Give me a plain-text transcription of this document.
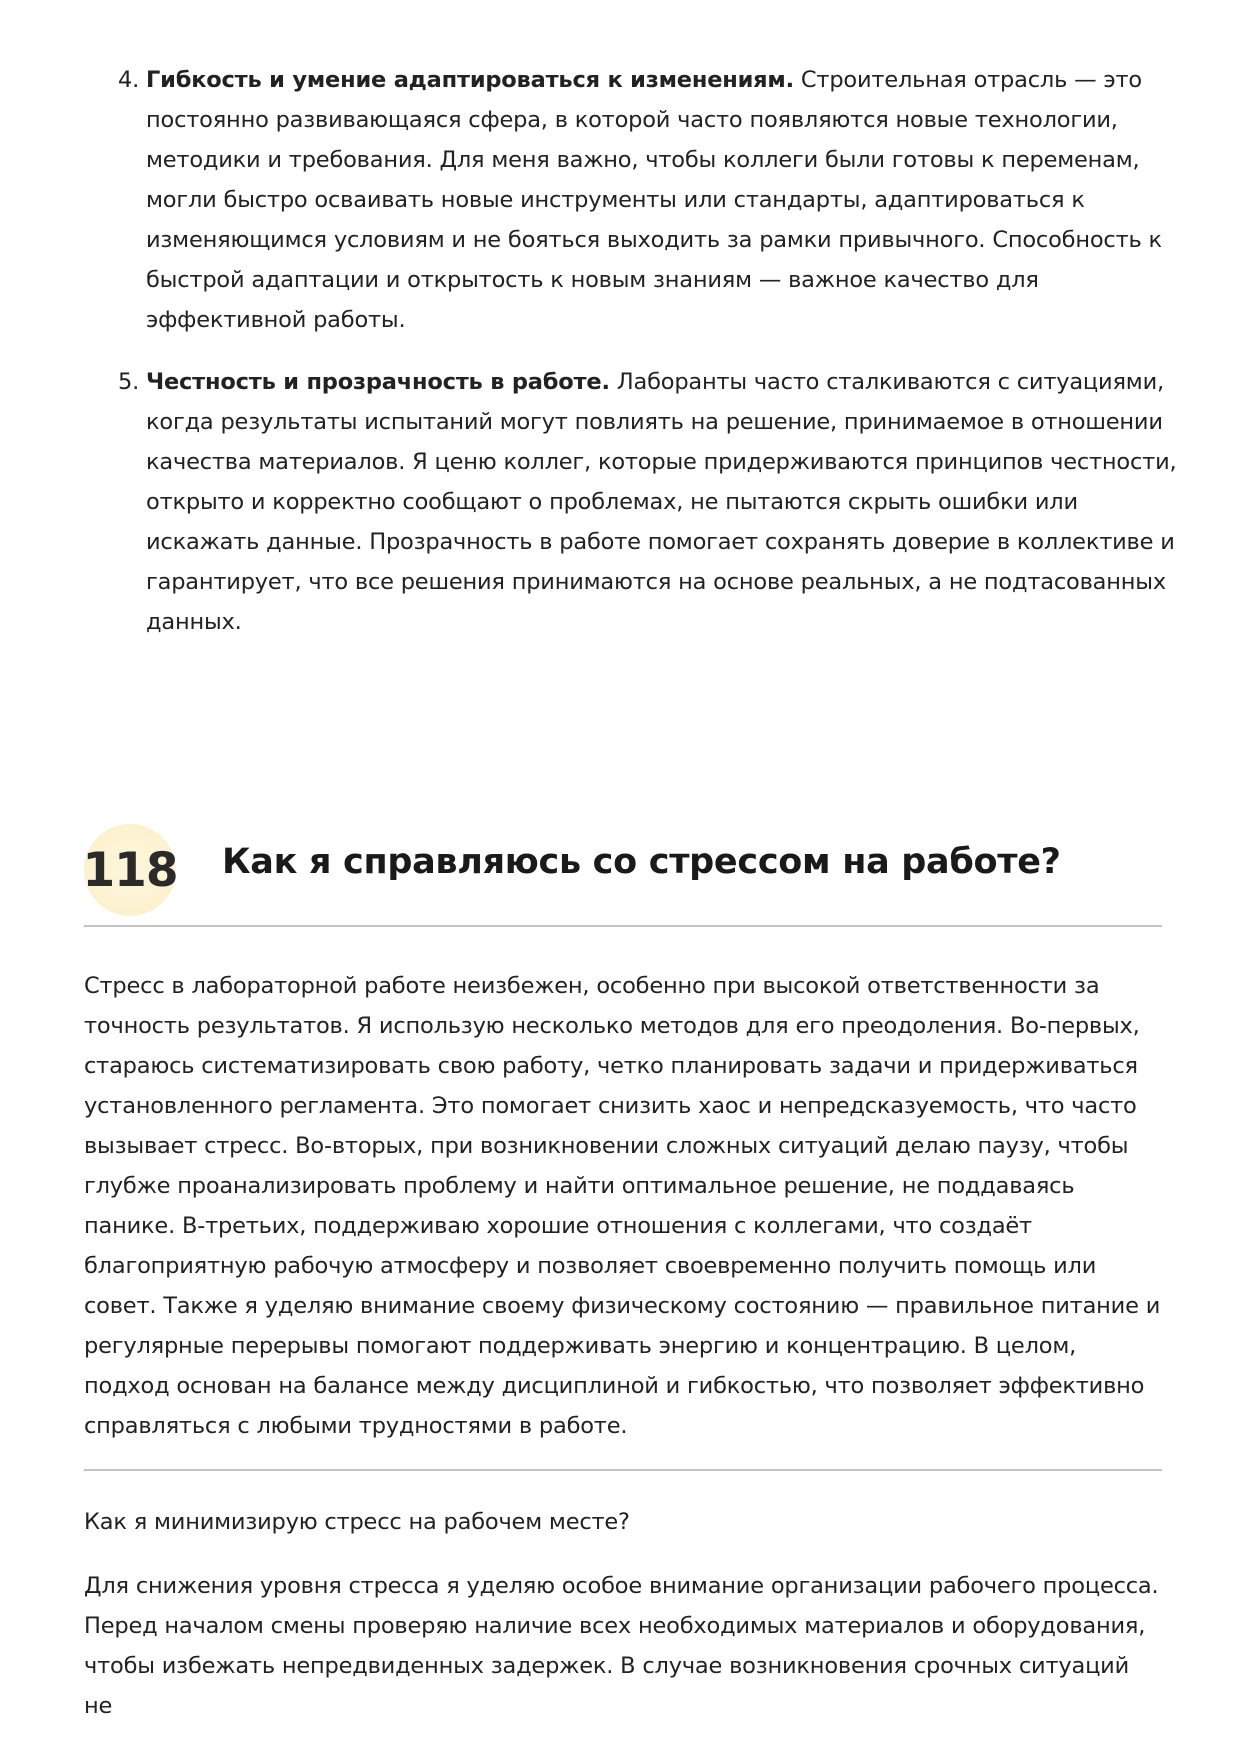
4. Гибкость и умение адаптироваться к изменениям. Строительная отрасль — это постоянно развивающаяся сфера, в которой часто появляются новые технологии, методики и требования. Для меня важно, чтобы коллеги были готовы к переменам, могли быстро осваивать новые инструменты или стандарты, адаптироваться к изменяющимся условиям и не бояться выходить за рамки привычного. Способность к быстрой адаптации и открытость к новым знаниям — важное качество для эффективной работы.
5. Честность и прозрачность в работе. Лаборанты часто сталкиваются с ситуациями, когда результаты испытаний могут повлиять на решение, принимаемое в отношении качества материалов. Я ценю коллег, которые придерживаются принципов честности, открыто и корректно сообщают о проблемах, не пытаются скрыть ошибки или искажать данные. Прозрачность в работе помогает сохранять доверие в коллективе и гарантирует, что все решения принимаются на основе реальных, а не подтасованных данных.
118 Как я справляюсь со стрессом на работе?

Стресс в лабораторной работе неизбежен, особенно при высокой ответственности за точность результатов. Я использую несколько методов для его преодоления. Во-первых, стараюсь систематизировать свою работу, четко планировать задачи и придерживаться установленного регламента. Это помогает снизить хаос и непредсказуемость, что часто вызывает стресс. Во-вторых, при возникновении сложных ситуаций делаю паузу, чтобы глубже проанализировать проблему и найти оптимальное решение, не поддаваясь панике. В-третьих, поддерживаю хорошие отношения с коллегами, что создаёт благоприятную рабочую атмосферу и позволяет своевременно получить помощь или совет. Также я уделяю внимание своему физическому состоянию — правильное питание и регулярные перерывы помогают поддерживать энергию и концентрацию. В целом, подход основан на балансе между дисциплиной и гибкостью, что позволяет эффективно справляться с любыми трудностями в работе.

Как я минимизирую стресс на рабочем месте?

Для снижения уровня стресса я уделяю особое внимание организации рабочего процесса. Перед началом смены проверяю наличие всех необходимых материалов и оборудования, чтобы избежать непредвиденных задержек. В случае возникновения срочных ситуаций не
